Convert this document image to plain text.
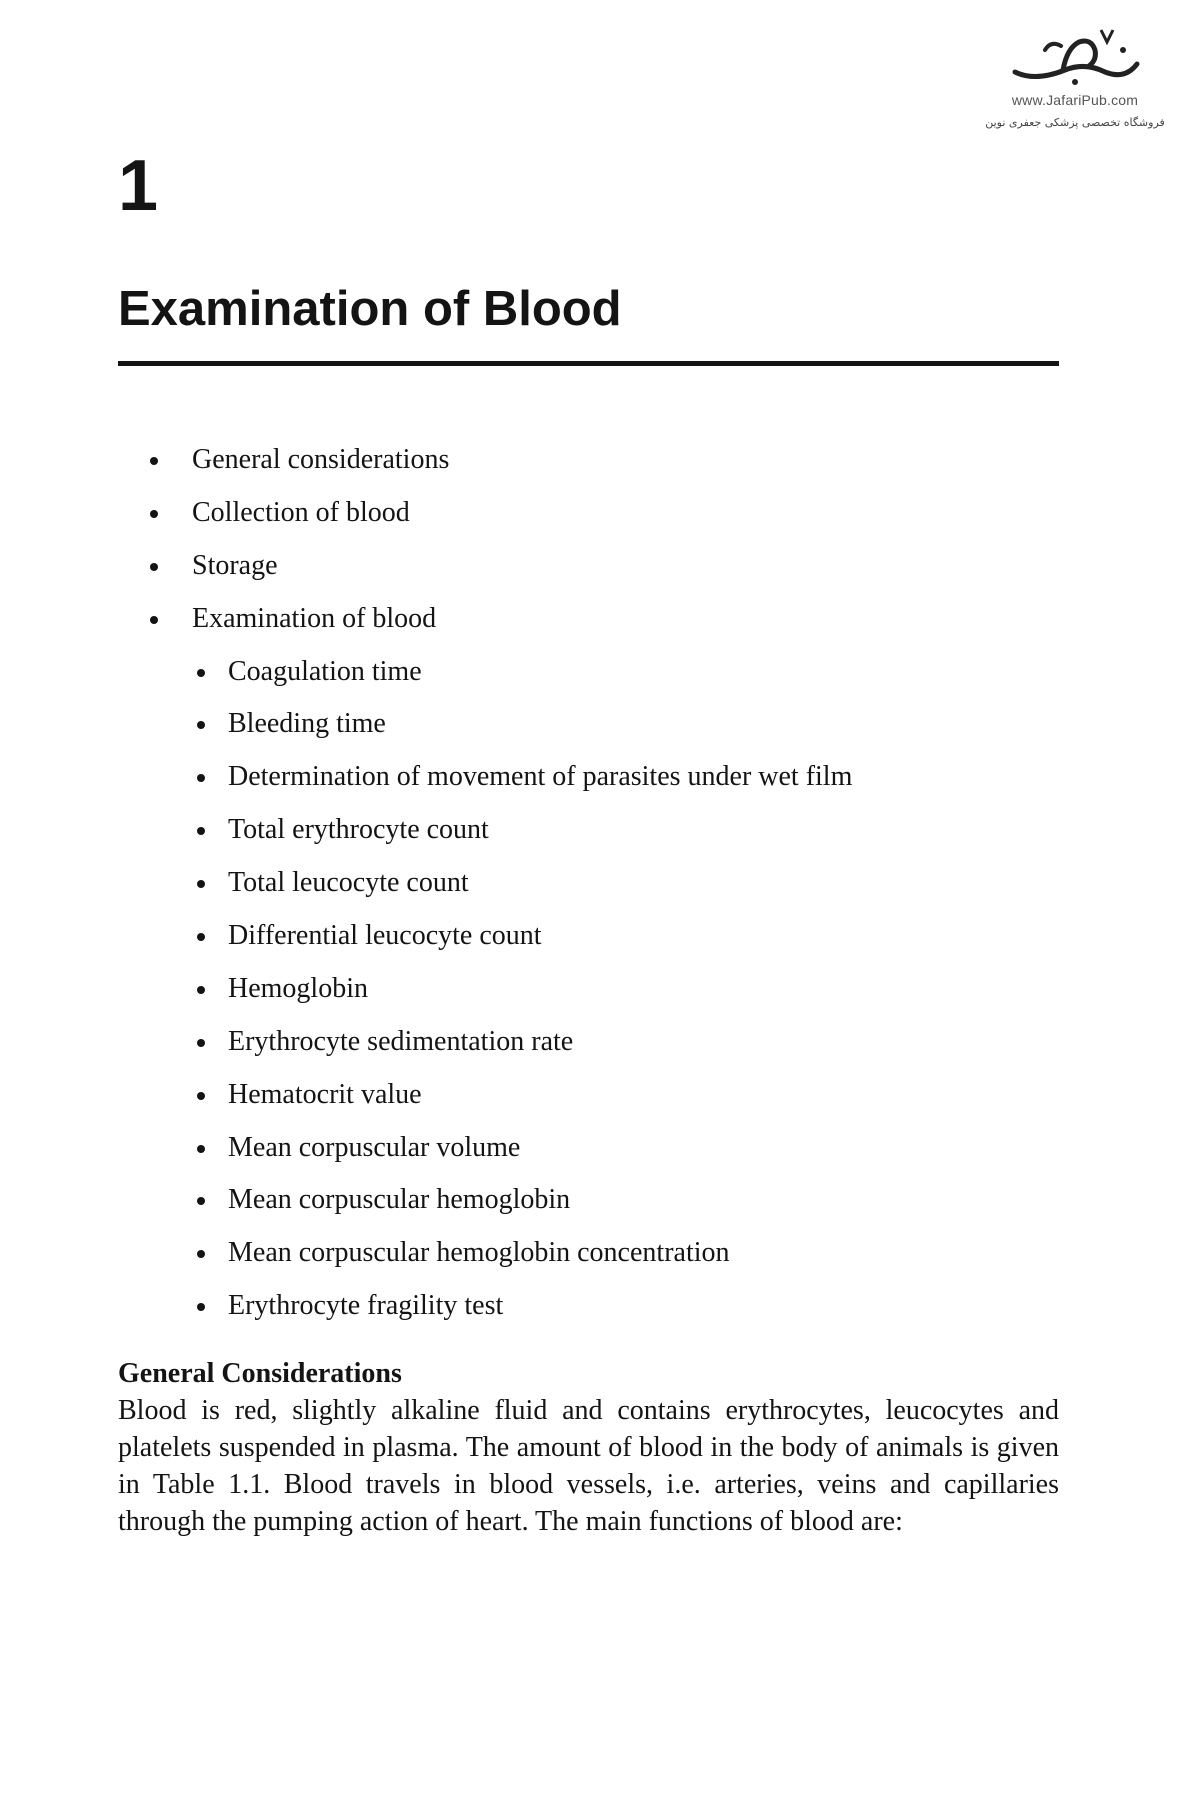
www.JafariPub.com
فروشگاه تخصصی پزشکی جعفری نوین
1
Examination of Blood
General considerations
Collection of blood
Storage
Examination of blood
Coagulation time
Bleeding time
Determination of movement of parasites under wet film
Total erythrocyte count
Total leucocyte count
Differential leucocyte count
Hemoglobin
Erythrocyte sedimentation rate
Hematocrit value
Mean corpuscular volume
Mean corpuscular hemoglobin
Mean corpuscular hemoglobin concentration
Erythrocyte fragility test
General Considerations

Blood is red, slightly alkaline fluid and contains erythrocytes, leucocytes and platelets suspended in plasma. The amount of blood in the body of animals is given in Table 1.1. Blood travels in blood vessels, i.e. arteries, veins and capillaries through the pumping action of heart. The main functions of blood are:
